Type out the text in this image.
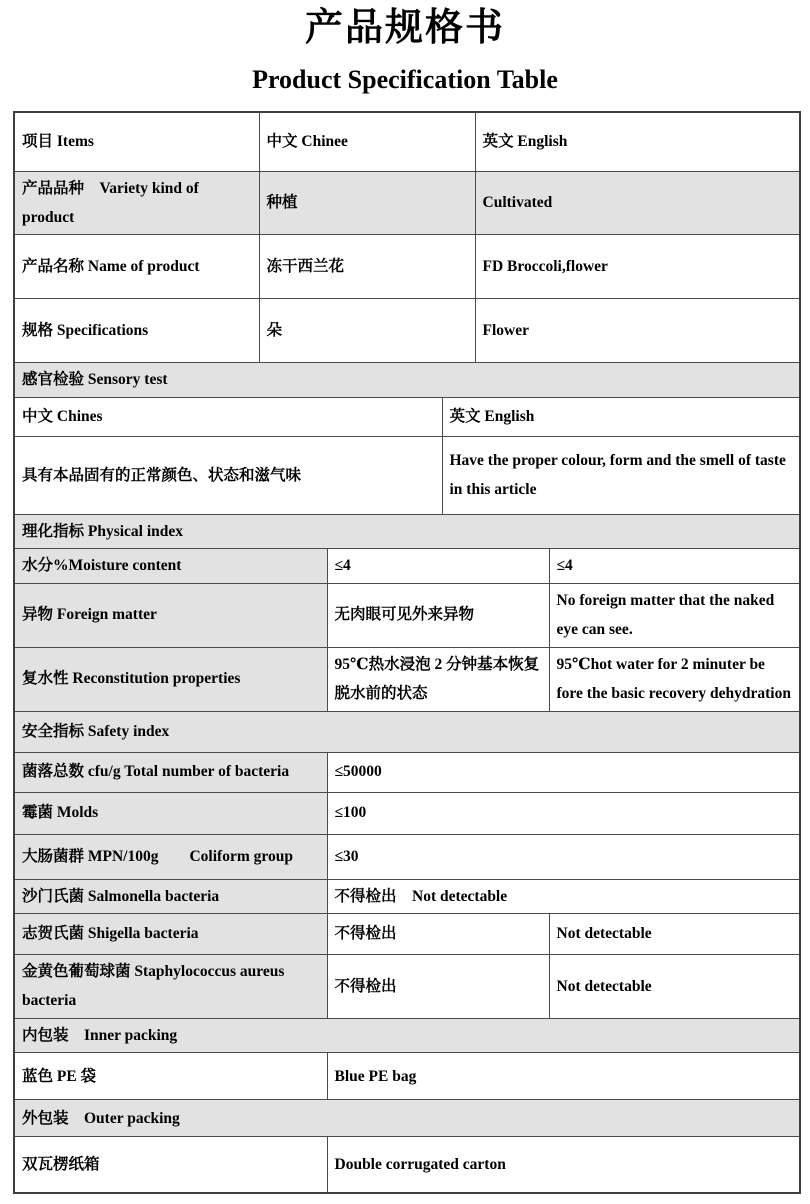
产品规格书
Product Specification Table
项目 Items	中文 Chinee			英文 English	
产品品种　Variety kind of product	种植			Cultivated	
产品名称 Name of product	冻干西兰花			FD Broccoli,flower	
规格 Specifications	朵			Flower	
感官检验 Sensory test					
中文 Chines			英文 English		
具有本品固有的正常颜色、状态和滋气味			Have the proper colour, form and the smell of taste in this article		
理化指标 Physical index					
水分%Moisture content		≤4			≤4
异物 Foreign matter		无肉眼可见外来异物			No foreign matter that the naked eye can see.
复水性 Reconstitution properties		95℃热水浸泡 2 分钟基本恢复脱水前的状态			95℃hot water for 2 minuter be fore the basic recovery dehydration
安全指标 Safety index					
菌落总数 cfu/g Total number of bacteria		≤50000			
霉菌 Molds		≤100			
大肠菌群 MPN/100g　　Coliform group		≤30			
沙门氏菌 Salmonella bacteria		不得检出　Not detectable			
志贺氏菌 Shigella bacteria		不得检出			Not detectable
金黄色葡萄球菌 Staphylococcus aureus bacteria		不得检出			Not detectable
内包装　Inner packing					
蓝色 PE 袋		Blue PE bag			
外包装　Outer packing					
双瓦楞纸箱		Double corrugated carton			
